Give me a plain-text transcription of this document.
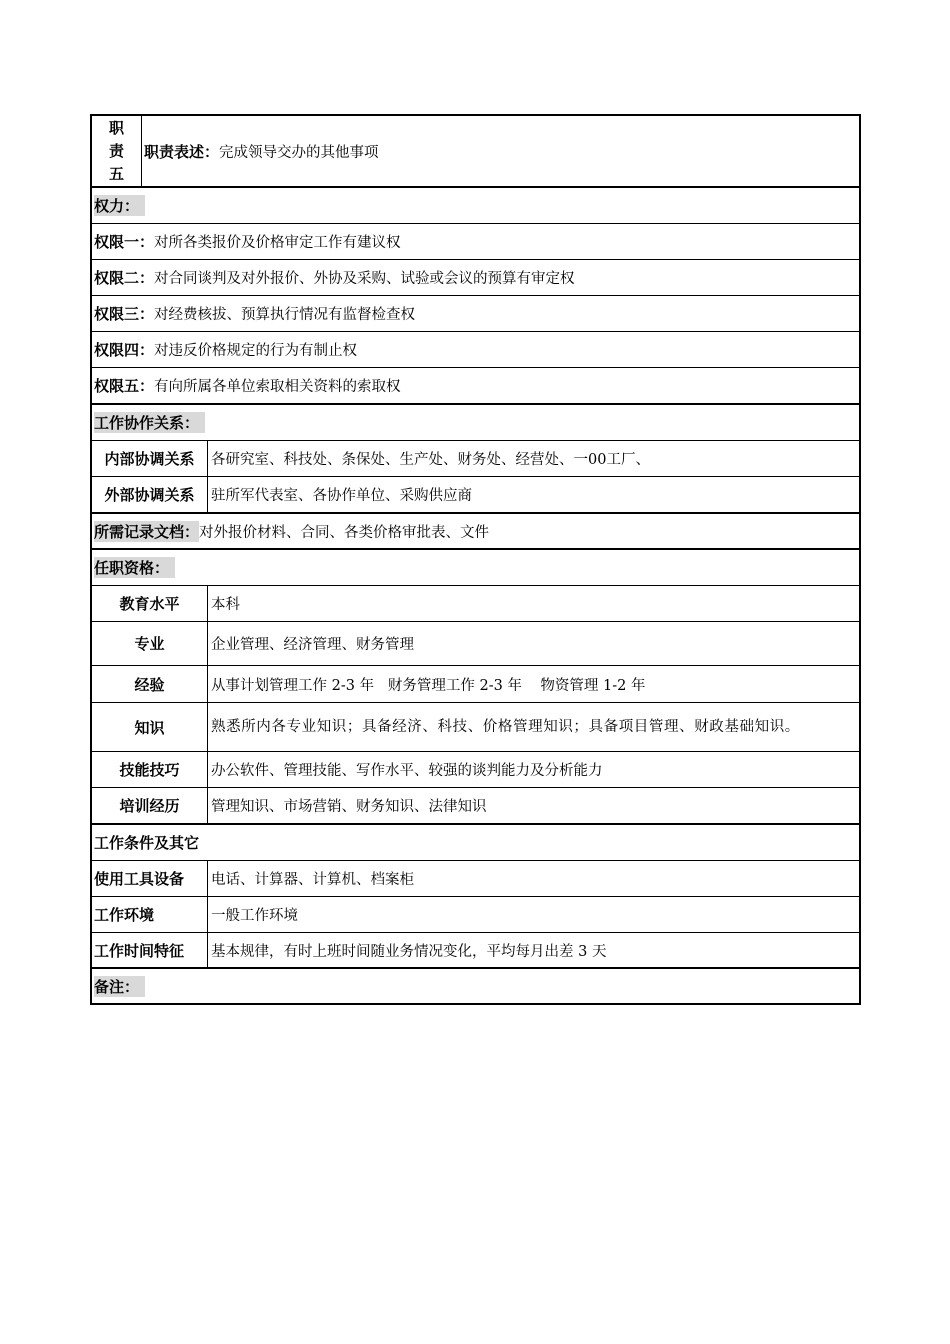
职
责
五
职责表述： 完成领导交办的其他事项
权力：
权限一： 对所各类报价及价格审定工作有建议权
权限二： 对合同谈判及对外报价、外协及采购、试验或会议的预算有审定权
权限三： 对经费核拔、预算执行情况有监督检查权
权限四： 对违反价格规定的行为有制止权
权限五： 有向所属各单位索取相关资料的索取权
工作协作关系：
内部协调关系	各研究室、科技处、条保处、生产处、财务处、经营处、一00工厂、
外部协调关系	驻所军代表室、各协作单位、采购供应商
所需记录文档： 对外报价材料、合同、各类价格审批表、文件
任职资格：
教育水平	本科
专业	企业管理、经济管理、财务管理
经验	从事计划管理工作 2-3 年   财务管理工作 2-3 年    物资管理 1-2 年
知识	熟悉所内各专业知识；具备经济、科技、价格管理知识；具备项目管理、财政基础知识。
技能技巧	办公软件、管理技能、写作水平、较强的谈判能力及分析能力
培训经历	管理知识、市场营销、财务知识、法律知识
工作条件及其它
使用工具设备	电话、计算器、计算机、档案柜
工作环境	一般工作环境
工作时间特征	基本规律，有时上班时间随业务情况变化，平均每月出差 3 天
备注：
